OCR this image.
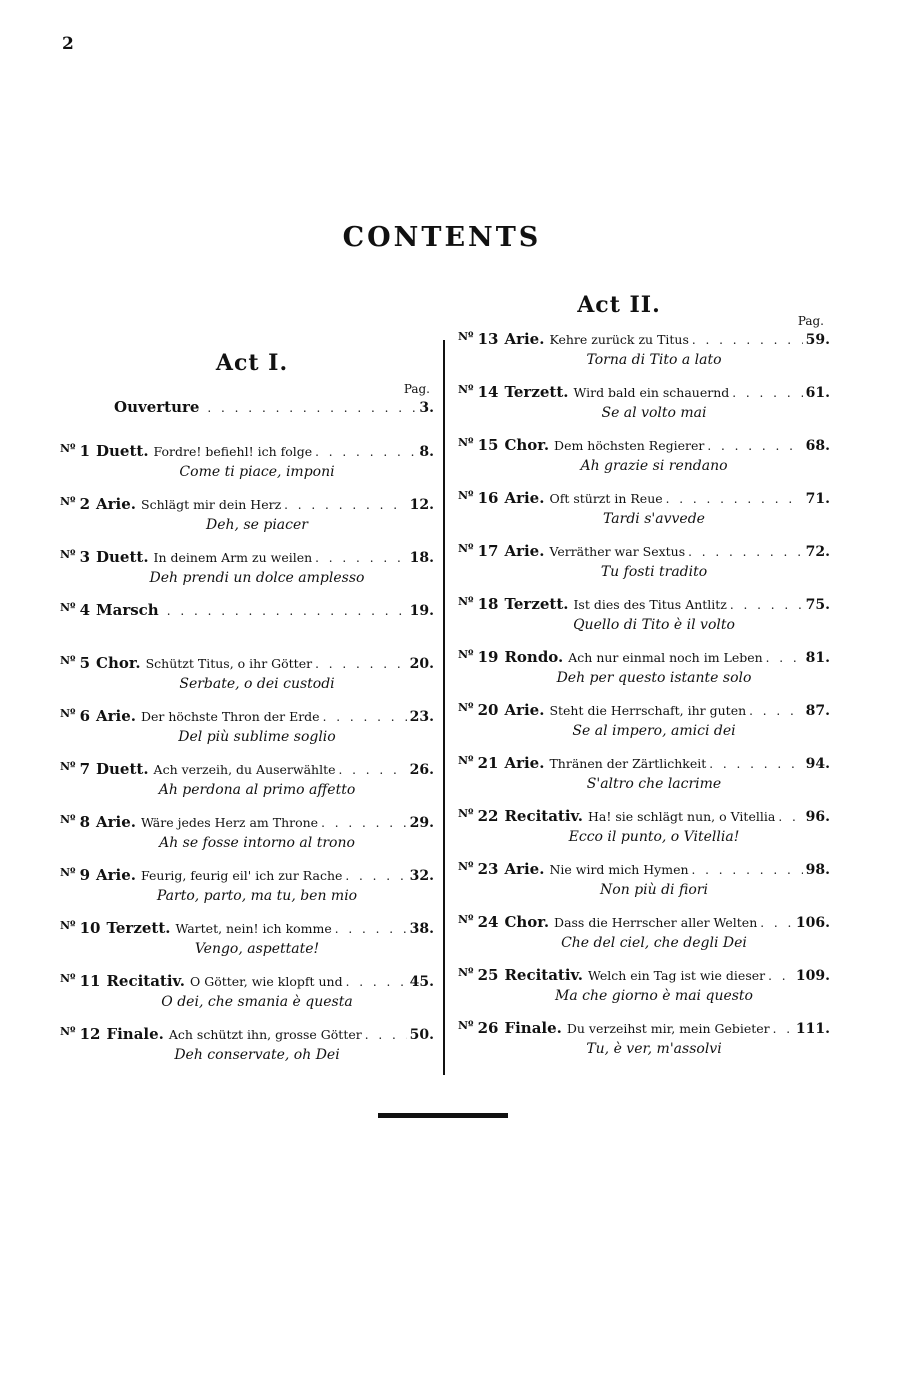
2
CONTENTS
Act I.
Pag.
Ouverture . . .	3.
$^{Nº}$ 1 Duett. Fordre! befiehl! ich folge . . .	8.
Come ti piace, imponi
$^{Nº}$ 2 Arie. Schlägt mir dein Herz . . .	12.
Deh, se piacer
$^{Nº}$ 3 Duett. In deinem Arm zu weilen . . .	18.
Deh prendi un dolce amplesso
$^{Nº}$ 4 Marsch . . .	19.
$^{Nº}$ 5 Chor. Schützt Titus, o ihr Götter . . .	20.
Serbate, o dei custodi
$^{Nº}$ 6 Arie. Der höchste Thron der Erde . . .	23.
Del più sublime soglio
$^{Nº}$ 7 Duett. Ach verzeih, du Auserwählte . . .	26.
Ah perdona al primo affetto
$^{Nº}$ 8 Arie. Wäre jedes Herz am Throne . . .	29.
Ah se fosse intorno al trono
$^{Nº}$ 9 Arie. Feurig, feurig eil' ich zur Rache . . .	32.
Parto, parto, ma tu, ben mio
$^{Nº}$ 10 Terzett. Wartet, nein! ich komme . . .	38.
Vengo, aspettate!
$^{Nº}$ 11 Recitativ. O Götter, wie klopft und . . .	45.
O dei, che smania è questa
$^{Nº}$ 12 Finale. Ach schützt ihn, grosse Götter . . .	50.
Deh conservate, oh Dei
Act II.
Pag.
$^{Nº}$ 13 Arie. Kehre zurück zu Titus . . .	59.
Torna di Tito a lato
$^{Nº}$ 14 Terzett. Wird bald ein schauernd . . .	61.
Se al volto mai
$^{Nº}$ 15 Chor. Dem höchsten Regierer . . .	68.
Ah grazie si rendano
$^{Nº}$ 16 Arie. Oft stürzt in Reue . . .	71.
Tardi s'avvede
$^{Nº}$ 17 Arie. Verräther war Sextus . . .	72.
Tu fosti tradito
$^{Nº}$ 18 Terzett. Ist dies des Titus Antlitz . . .	75.
Quello di Tito è il volto
$^{Nº}$ 19 Rondo. Ach nur einmal noch im Leben . . .	81.
Deh per questo istante solo
$^{Nº}$ 20 Arie. Steht die Herrschaft, ihr guten . . .	87.
Se al impero, amici dei
$^{Nº}$ 21 Arie. Thränen der Zärtlichkeit . . .	94.
S'altro che lacrime
$^{Nº}$ 22 Recitativ. Ha! sie schlägt nun, o Vitellia . . . 96.
Ecco il punto, o Vitellia!
$^{Nº}$ 23 Arie. Nie wird mich Hymen . . .	98.
Non più di fiori
$^{Nº}$ 24 Chor. Dass die Herrscher aller Welten . . .	106.
Che del ciel, che degli Dei
$^{Nº}$ 25 Recitativ. Welch ein Tag ist wie dieser . . . 109.
Ma che giorno è mai questo
$^{Nº}$ 26 Finale. Du verzeihst mir, mein Gebieter . . . 111.
Tu, è ver, m'assolvi
